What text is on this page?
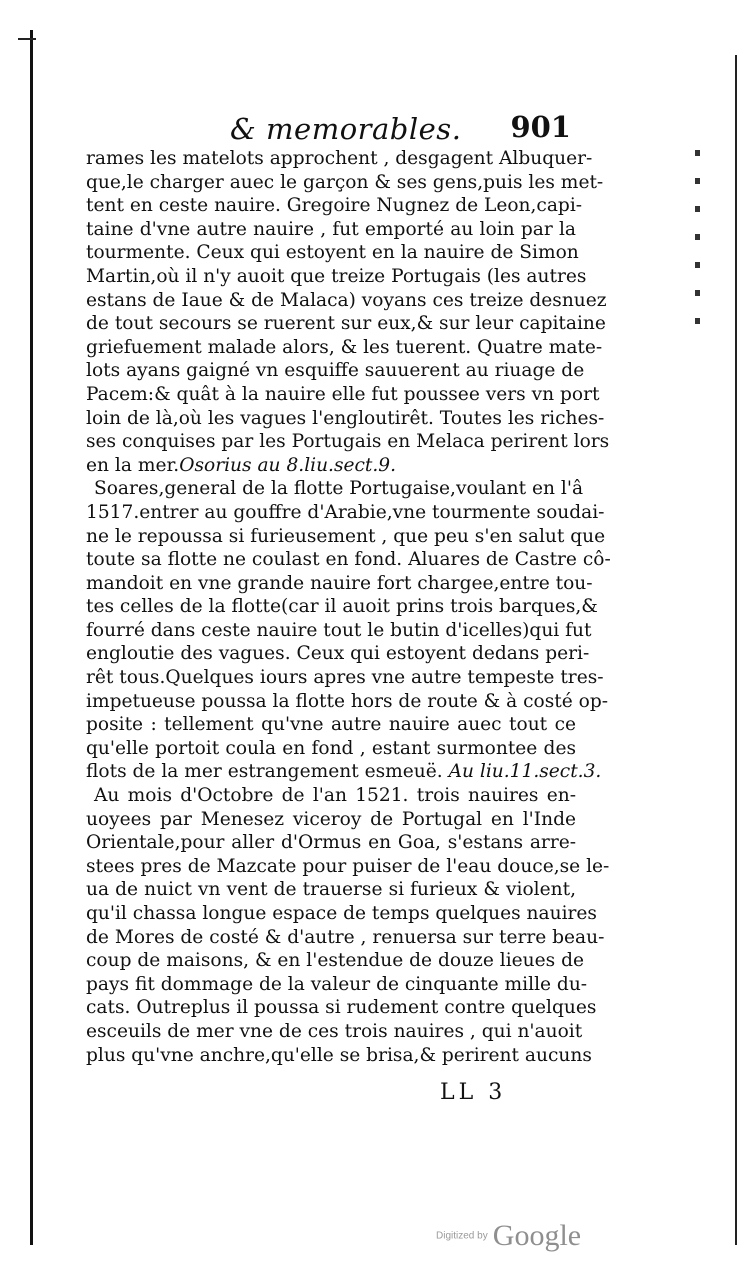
& memorables. 901
rames les matelots approchent , desgagent Albuquer-
que,le charger auec le garçon & ses gens,puis les met-
tent en ceste nauire. Gregoire Nugnez de Leon,capi-
taine d'vne autre nauire , fut emporté au loin par la
tourmente. Ceux qui estoyent en la nauire de Simon
Martin,où il n'y auoit que treize Portugais (les autres
estans de Iaue & de Malaca) voyans ces treize desnuez
de tout secours se ruerent sur eux,& sur leur capitaine
griefuement malade alors, & les tuerent. Quatre mate-
lots ayans gaigné vn esquiffe sauuerent au riuage de
Pacem:& quât à la nauire elle fut poussee vers vn port
loin de là,où les vagues l'engloutirêt. Toutes les riches-
ses conquises par les Portugais en Melaca perirent lors
en la mer.Osorius au 8.liu.sect.9.
Soares,general de la flotte Portugaise,voulant en l'â
1517.entrer au gouffre d'Arabie,vne tourmente soudai-
ne le repoussa si furieusement , que peu s'en salut que
toute sa flotte ne coulast en fond. Aluares de Castre cô-
mandoit en vne grande nauire fort chargee,entre tou-
tes celles de la flotte(car il auoit prins trois barques,&
fourré dans ceste nauire tout le butin d'icelles)qui fut
engloutie des vagues. Ceux qui estoyent dedans peri-
rêt tous.Quelques iours apres vne autre tempeste tres-
impetueuse poussa la flotte hors de route & à costé op-
posite : tellement qu'vne autre nauire auec tout ce
qu'elle portoit coula en fond , estant surmontee des
flots de la mer estrangement esmeuë. Au liu.11.sect.3.
Au mois d'Octobre de l'an 1521. trois nauires en-
uoyees par Menesez viceroy de Portugal en l'Inde
Orientale,pour aller d'Ormus en Goa, s'estans arre-
stees pres de Mazcate pour puiser de l'eau douce,se le-
ua de nuict vn vent de trauerse si furieux & violent,
qu'il chassa longue espace de temps quelques nauires
de Mores de costé & d'autre , renuersa sur terre beau-
coup de maisons, & en l'estendue de douze lieues de
pays fit dommage de la valeur de cinquante mille du-
cats. Outreplus il poussa si rudement contre quelques
esceuils de mer vne de ces trois nauires , qui n'auoit
plus qu'vne anchre,qu'elle se brisa,& perirent aucuns
LL 3
Digitized by Google
